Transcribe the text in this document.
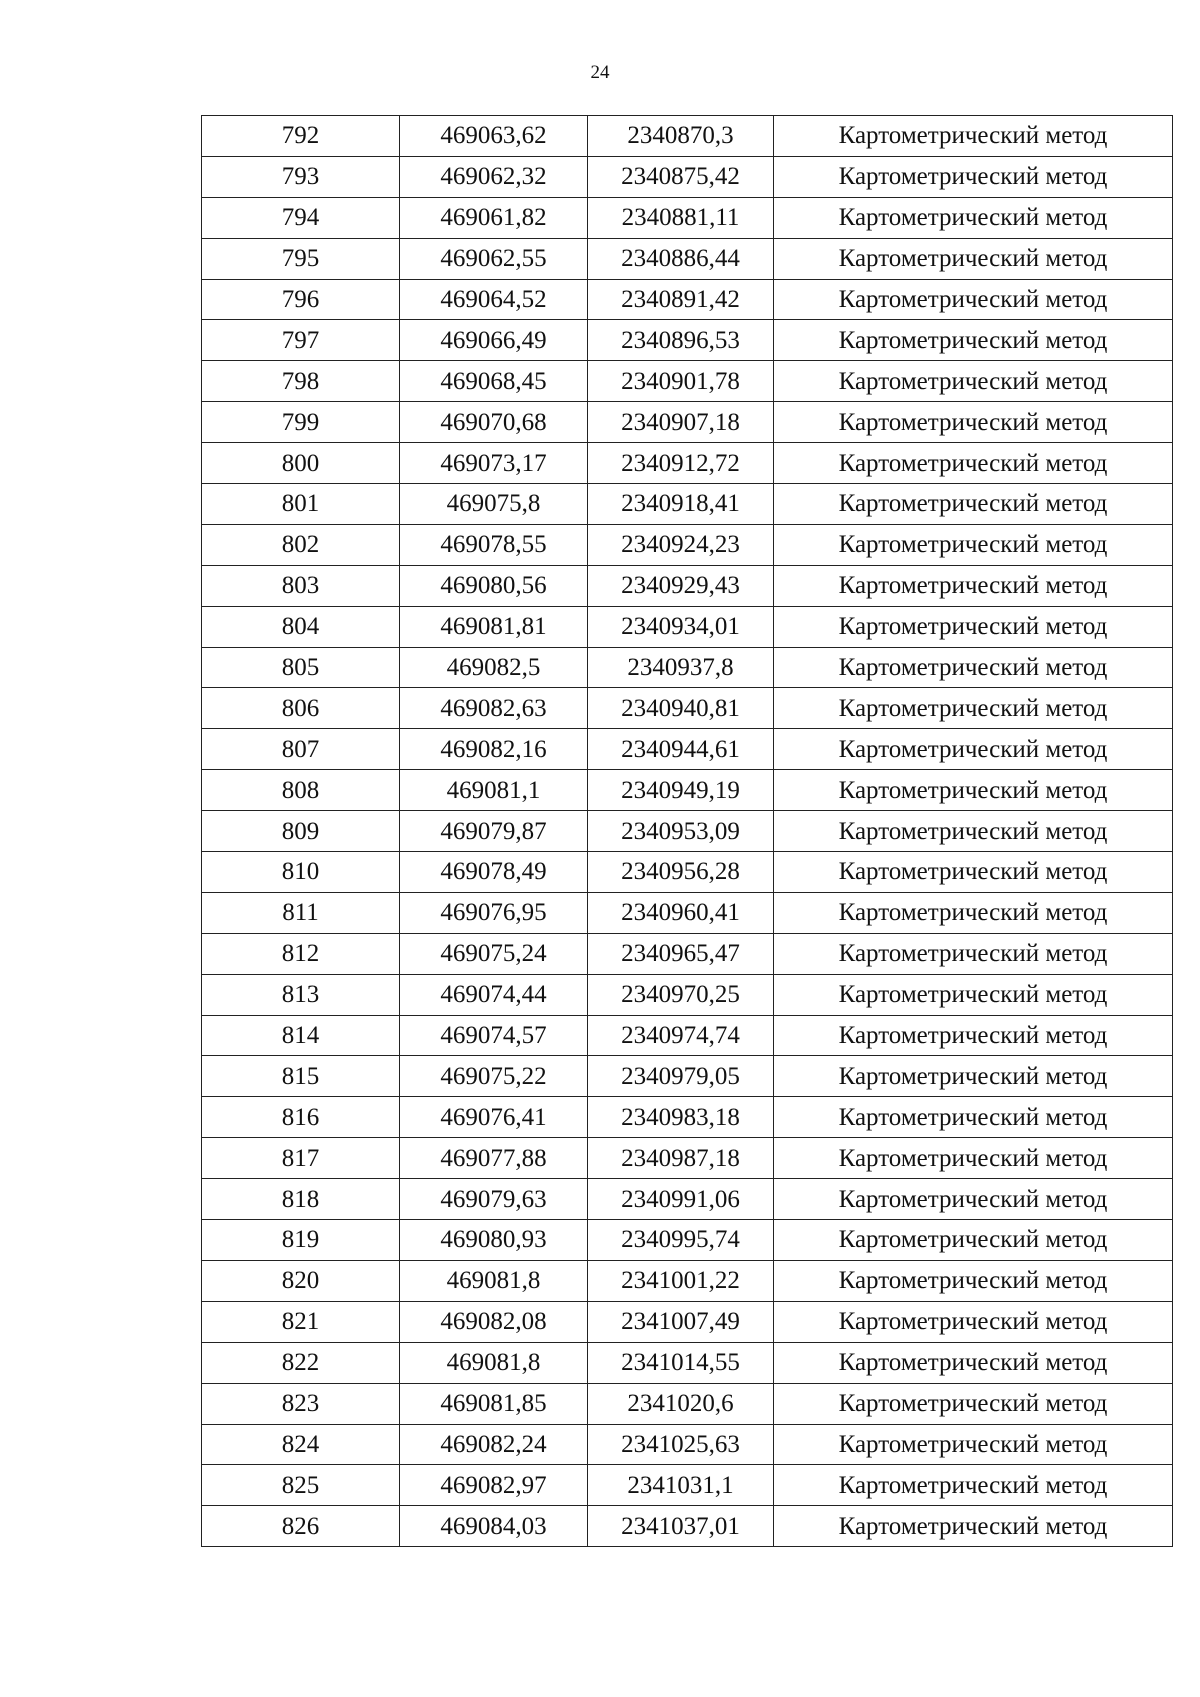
24
792	469063,62	2340870,3	Картометрический метод
793	469062,32	2340875,42	Картометрический метод
794	469061,82	2340881,11	Картометрический метод
795	469062,55	2340886,44	Картометрический метод
796	469064,52	2340891,42	Картометрический метод
797	469066,49	2340896,53	Картометрический метод
798	469068,45	2340901,78	Картометрический метод
799	469070,68	2340907,18	Картометрический метод
800	469073,17	2340912,72	Картометрический метод
801	469075,8	2340918,41	Картометрический метод
802	469078,55	2340924,23	Картометрический метод
803	469080,56	2340929,43	Картометрический метод
804	469081,81	2340934,01	Картометрический метод
805	469082,5	2340937,8	Картометрический метод
806	469082,63	2340940,81	Картометрический метод
807	469082,16	2340944,61	Картометрический метод
808	469081,1	2340949,19	Картометрический метод
809	469079,87	2340953,09	Картометрический метод
810	469078,49	2340956,28	Картометрический метод
811	469076,95	2340960,41	Картометрический метод
812	469075,24	2340965,47	Картометрический метод
813	469074,44	2340970,25	Картометрический метод
814	469074,57	2340974,74	Картометрический метод
815	469075,22	2340979,05	Картометрический метод
816	469076,41	2340983,18	Картометрический метод
817	469077,88	2340987,18	Картометрический метод
818	469079,63	2340991,06	Картометрический метод
819	469080,93	2340995,74	Картометрический метод
820	469081,8	2341001,22	Картометрический метод
821	469082,08	2341007,49	Картометрический метод
822	469081,8	2341014,55	Картометрический метод
823	469081,85	2341020,6	Картометрический метод
824	469082,24	2341025,63	Картометрический метод
825	469082,97	2341031,1	Картометрический метод
826	469084,03	2341037,01	Картометрический метод
